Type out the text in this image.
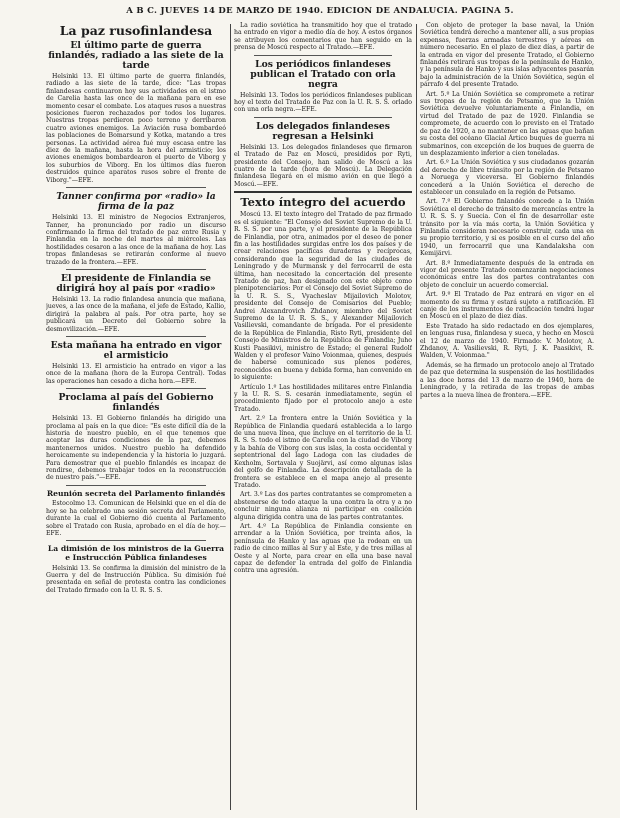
A B C. JUEVES 14 DE MARZO DE 1940. EDICION DE ANDALUCIA. PAGINA 5.
La paz rusofinlandesa
El último parte de guerra finlandés, radiado a las siete de la tarde

Helsinki 13. El último parte de guerra finlandés, radiado a las siete de la tarde, dice: "Las tropas finlandesas continuaron hoy sus actividades en el istmo de Carelia hasta las once de la mañana para en ese momento cesar el combate. Los ataques rusos a nuestras posiciones fueron rechazados por todos los lugares. Nuestras tropas perdieron poco terreno y derribaron cuatro aviones enemigos. La Aviación rusa bombardeó las poblaciones de Bomarsund y Kotka, matando a tres personas. La actividad aérea fué muy escasa entre las diez de la mañana, hasta la hora del armisticio; los aviones enemigos bombardearon el puerto de Viborg y los suburbios de Viborg. En los últimos días fueron destruidos quince aparatos rusos sobre el frente de Viborg."—EFE.

Tanner confirma por «radio» la firma de la paz

Helsinki 13. El ministro de Negocios Extranjeros, Tanner, ha pronunciado por radio un discurso confirmando la firma del tratado de paz entre Rusia y Finlandia en la noche del martes al miércoles. Las hostilidades cesaron a las once de la mañana de hoy. Las tropas finlandesas se retirarán conforme al nuevo trazado de la frontera.—EFE.

El presidente de Finlandia se dirigirá hoy al país por «radio»

Helsinki 13. La radio finlandesa anuncia que mañana, jueves, a las once de la mañana, el jefe de Estado, Kallio, dirigirá la palabra al país. Por otra parte, hoy se publicará un Decreto del Gobierno sobre la desmovilización.—EFE.

Esta mañana ha entrado en vigor el armisticio

Helsinki 13. El armisticio ha entrado en vigor a las once de la mañana (hora de la Europa Central). Todas las operaciones han cesado a dicha hora.—EFE.

Proclama al país del Gobierno finlandés

Helsinki 13. El Gobierno finlandés ha dirigido una proclama al país en la que dice: "Es este difícil día de la historia de nuestro pueblo, en el que tenemos que aceptar las duras condiciones de la paz, debemos mantenernos unidos. Nuestro pueblo ha defendido heroicamente su independencia y la historia lo juzgará. Para demostrar que el pueblo finlandés es incapaz de rendirse, debemos trabajar todos en la reconstrucción de nuestro país."—EFE.

Reunión secreta del Parlamento finlandés

Estocolmo 13. Comunican de Helsinki que en el día de hoy se ha celebrado una sesión secreta del Parlamento, durante la cual el Gobierno dió cuenta al Parlamento sobre el Tratado con Rusia, aprobado en el día de hoy.—EFE.

La dimisión de los ministros de la Guerra e Instrucción Pública finlandeses

Helsinki 13. Se confirma la dimisión del ministro de la Guerra y del de Instrucción Pública. Su dimisión fué presentada en señal de protesta contra las condiciones del Tratado firmado con la U. R. S. S.

La radio soviética ha transmitido hoy que el tratado ha entrado en vigor a medio día de hoy. A estos órganos se atribuyen los comentarios que han seguido en la prensa de Moscú respecto al Tratado.—EFE.

Los periódicos finlandeses publican el Tratado con orla negra

Helsinki 13. Todos los periódicos finlandeses publican hoy el texto del Tratado de Paz con la U. R. S. S. orlado con una orla negra.—EFE.

Los delegados finlandeses regresan a Helsinki

Helsinki 13. Los delegados finlandeses que firmaron el Tratado de Paz en Moscú, presididos por Ryti, presidente del Consejo, han salido de Moscú a las cuatro de la tarde (hora de Moscú). La Delegación finlandesa llegará en el mismo avión en que llegó a Moscú.—EFE.

Texto íntegro del acuerdo

Moscú 13. El texto íntegro del Tratado de paz firmado es el siguiente: "El Consejo del Soviet Supremo de la U. R. S. S. por una parte, y el presidente de la República de Finlandia, por otra, animados por el deseo de poner fin a las hostilidades surgidas entre los dos países y de crear relaciones pacíficas duraderas y recíprocas, considerando que la seguridad de las ciudades de Leningrado y de Murmansk y del ferrocarril de esta última, han necesitado la concertación del presente Tratado de paz, han designado con este objeto como plenipotenciarios: Por el Consejo del Soviet Supremo de la U. R. S. S., Vyacheslav Mijailovich Molotov, presidente del Consejo de Comisarios del Pueblo; Andrei Alexandrovich Zhdanov, miembro del Soviet Supremo de la U. R. S. S., y Alexander Mijailovich Vasilievski, comandante de brigada. Por el presidente de la República de Finlandia, Risto Ryti, presidente del Consejo de Ministros de la República de Finlandia; Juho Kusti Paasikivi, ministro de Estado; el general Rudolf Walden y el profesor Vaino Voionmaa, quienes, después de haberse comunicado sus plenos poderes, reconocidos en buena y debida forma, han convenido en lo siguiente:

Artículo 1.º Las hostilidades militares entre Finlandia y la U. R. S. S. cesarán inmediatamente, según el procedimiento fijado por el protocolo anejo a este Tratado.

Art. 2.º La frontera entre la Unión Soviética y la República de Finlandia quedará establecida a lo largo de una nueva línea, que incluye en el territorio de la U. R. S. S. todo el istmo de Carelia con la ciudad de Viborg y la bahía de Viborg con sus islas, la costa occidental y septentrional del lago Ladoga con las ciudades de Kexholm, Sortavala y Suojärvi, así como algunas islas del golfo de Finlandia. La descripción detallada de la frontera se establece en el mapa anejo al presente Tratado.

Art. 3.º Las dos partes contratantes se comprometen a abstenerse de todo ataque la una contra la otra y a no concluir ninguna alianza ni participar en coalición alguna dirigida contra una de las partes contratantes.

Art. 4.º La República de Finlandia consiente en arrendar a la Unión Soviética, por treinta años, la península de Hanko y las aguas que la rodean en un radio de cinco millas al Sur y al Este, y de tres millas al Oeste y al Norte, para crear en ella una base naval capaz de defender la entrada del golfo de Finlandia contra una agresión.

Con objeto de proteger la base naval, la Unión Soviética tendrá derecho a mantener allí, a sus propias expensas, fuerzas armadas terrestres y aéreas en número necesario. En el plazo de diez días, a partir de la entrada en vigor del presente Tratado, el Gobierno finlandés retirará sus tropas de la península de Hanko, y la península de Hanko y sus islas adyacentes pasarán bajo la administración de la Unión Soviética, según el párrafo 4 del presente Tratado.

Art. 5.º La Unión Soviética se compromete a retirar sus tropas de la región de Petsamo, que la Unión Soviética devuelve voluntariamente a Finlandia, en virtud del Tratado de paz de 1920. Finlandia se compromete, de acuerdo con lo previsto en el Tratado de paz de 1920, a no mantener en las aguas que bañan su costa del océano Glacial Ártico buques de guerra ni submarinos, con excepción de los buques de guerra de un desplazamiento inferior a cien toneladas.

Art. 6.º La Unión Soviética y sus ciudadanos gozarán del derecho de libre tránsito por la región de Petsamo a Noruega y viceversa. El Gobierno finlandés concederá a la Unión Soviética el derecho de establecer un consulado en la región de Petsamo.

Art. 7.º El Gobierno finlandés concede a la Unión Soviética el derecho de tránsito de mercancías entre la U. R. S. S. y Suecia. Con el fin de desarrollar este tránsito por la vía más corta, la Unión Soviética y Finlandia consideran necesario construir, cada una en su propio territorio, y si es posible en el curso del año 1940, un ferrocarril que una Kandalaksha con Kemijärvi.

Art. 8.º Inmediatamente después de la entrada en vigor del presente Tratado comenzarán negociaciones económicas entre las dos partes contratantes con objeto de concluir un acuerdo comercial.

Art. 9.º El Tratado de Paz entrará en vigor en el momento de su firma y estará sujeto a ratificación. El canje de los instrumentos de ratificación tendrá lugar en Moscú en el plazo de diez días.

Este Tratado ha sido redactado en dos ejemplares, en lenguas rusa, finlandesa y sueca, y hecho en Moscú el 12 de marzo de 1940. Firmado: V. Molotov, A. Zhdanov, A. Vasilievski, R. Ryti, J. K. Paasikivi, R. Walden, V. Voionmaa."

Además, se ha firmado un protocolo anejo al Tratado de paz que determina la suspensión de las hostilidades a las doce horas del 13 de marzo de 1940, hora de Leningrado, y la retirada de las tropas de ambas partes a la nueva línea de frontera.—EFE.
